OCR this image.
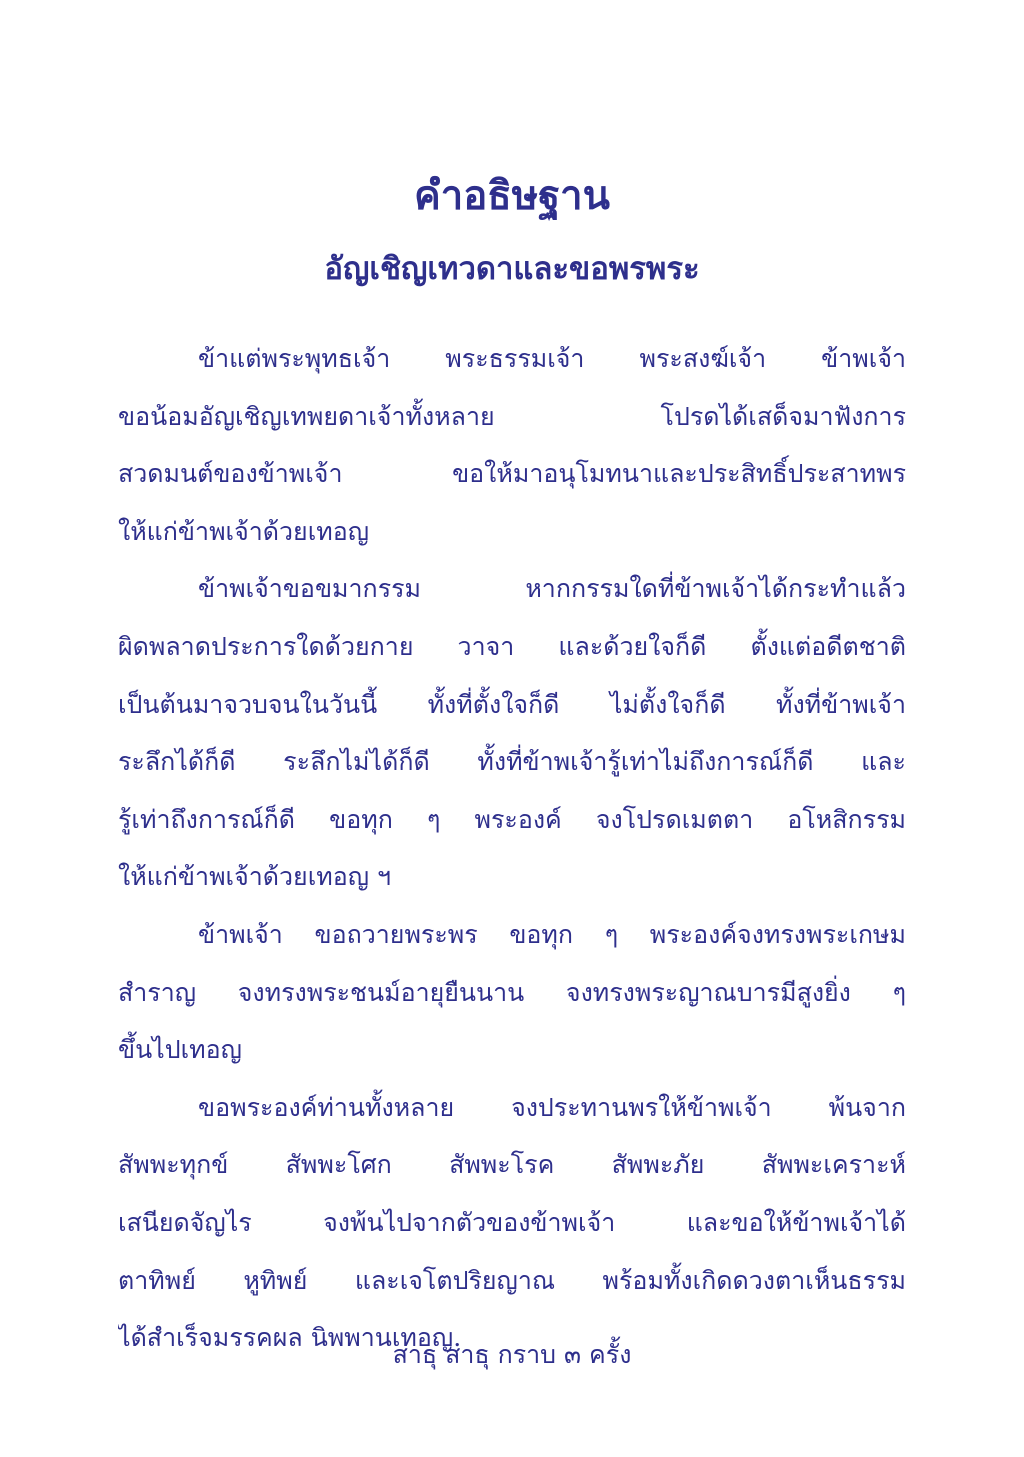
คำอธิษฐาน
อัญเชิญเทวดาและขอพรพระ
ข้าแต่พระพุทธเจ้า พระธรรมเจ้า พระสงฆ์เจ้า ข้าพเจ้า
ขอน้อมอัญเชิญเทพยดาเจ้าทั้งหลาย โปรดได้เสด็จมาฟังการ
สวดมนต์ของข้าพเจ้า ขอให้มาอนุโมทนาและประสิทธิ์ประสาทพร
ให้แก่ข้าพเจ้าด้วยเทอญ
ข้าพเจ้าขอขมากรรม หากกรรมใดที่ข้าพเจ้าได้กระทำแล้ว
ผิดพลาดประการใดด้วยกาย วาจา และด้วยใจก็ดี ตั้งแต่อดีตชาติ
เป็นต้นมาจวบจนในวันนี้ ทั้งที่ตั้งใจก็ดี ไม่ตั้งใจก็ดี ทั้งที่ข้าพเจ้า
ระลึกได้ก็ดี ระลึกไม่ได้ก็ดี ทั้งที่ข้าพเจ้ารู้เท่าไม่ถึงการณ์ก็ดี และ
รู้เท่าถึงการณ์ก็ดี ขอทุก ๆ พระองค์ จงโปรดเมตตา อโหสิกรรม
ให้แก่ข้าพเจ้าด้วยเทอญ ฯ
ข้าพเจ้า ขอถวายพระพร ขอทุก ๆ พระองค์จงทรงพระเกษม
สำราญ จงทรงพระชนม์อายุยืนนาน จงทรงพระญาณบารมีสูงยิ่ง ๆ
ขึ้นไปเทอญ
ขอพระองค์ท่านทั้งหลาย จงประทานพรให้ข้าพเจ้า พ้นจาก
สัพพะทุกข์ สัพพะโศก สัพพะโรค สัพพะภัย สัพพะเคราะห์
เสนียดจัญไร จงพ้นไปจากตัวของข้าพเจ้า และขอให้ข้าพเจ้าได้
ตาทิพย์ หูทิพย์ และเจโตปริยญาณ พร้อมทั้งเกิดดวงตาเห็นธรรม
ได้สำเร็จมรรคผล นิพพานเทอญ.
สาธุ สาธุ กราบ ๓ ครั้ง
